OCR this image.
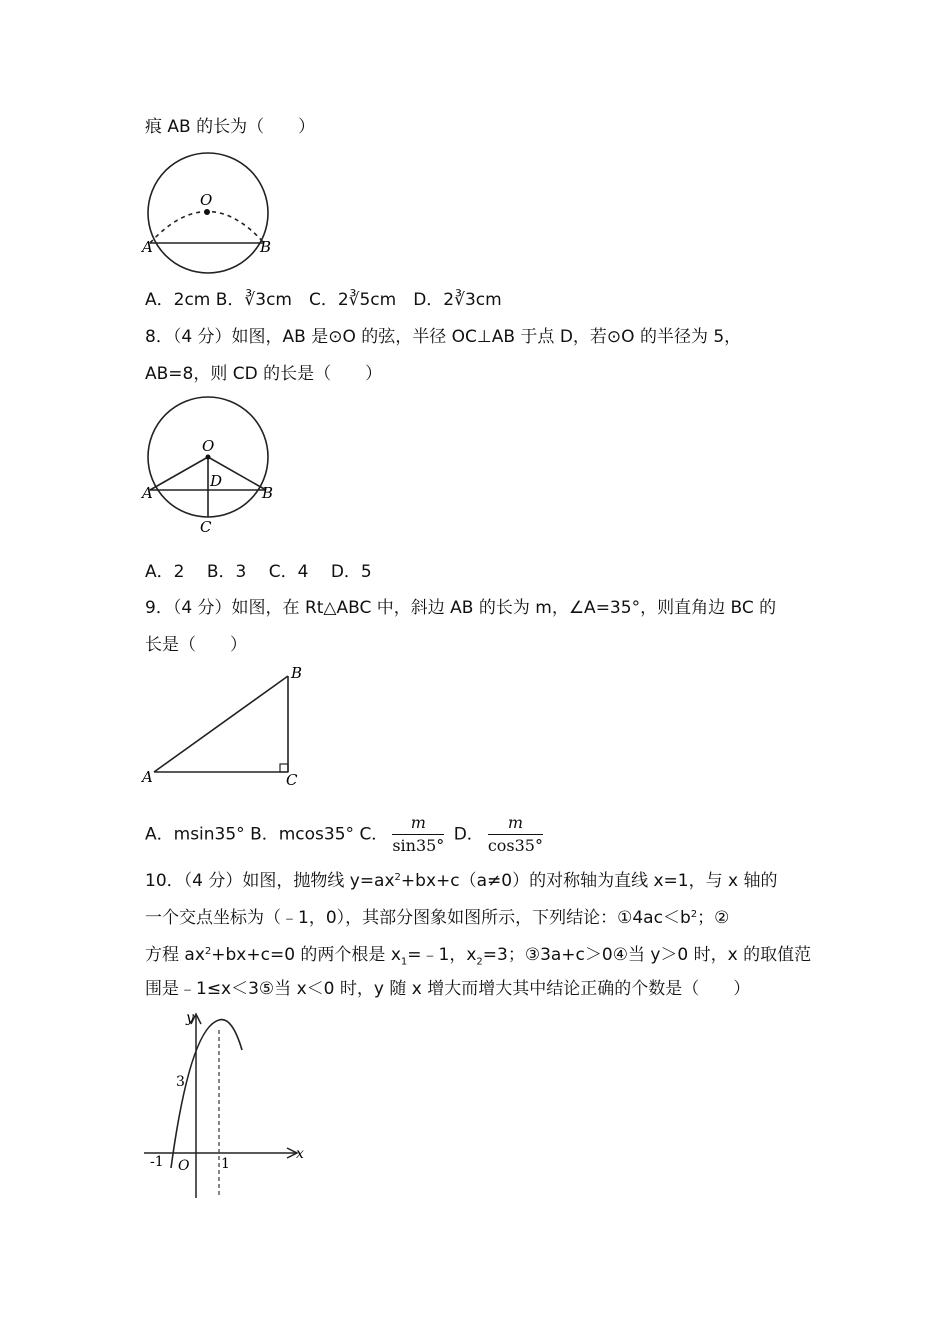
痕 AB 的长为（　　）
O
A	B
A．2cm B．∛3cm　C．2∛5cm　D．2∛3cm
8．（4 分）如图，AB 是⊙O 的弦，半径 OC⊥AB 于点 D，若⊙O 的半径为 5，
AB=8，则 CD 的长是（　　）
O
A	B
D
C
A．2　 B．3　 C．4　 D．5
9．（4 分）如图，在 Rt△ABC 中，斜边 AB 的长为 m，∠A=35°，则直角边 BC 的
长是（　　）
A
B
C
A．msin35° B．mcos35° C． $\frac{m}{\sin 35^\circ}$ D． $\frac{m}{\cos 35^\circ}$
10．（4 分）如图，抛物线 $y=ax^2+bx+c(a\ne 0)$的对称轴为直线 x=1，与 x 轴的
一个交点坐标为（﹣1，0），其部分图象如图所示，下列结论：$①4ac<b^2$；②
方程 $ax^2+bx+c=0$ 的两个根是 $x_1=﹣1$，$x_2=3$；③3a+c＞0④当 y＞0 时，x 的取值范
围是﹣1≤x＜3⑤当 x＜0 时，y 随 x 增大而增大其中结论正确的个数是（　　）
y
x
3
-1 O 1
